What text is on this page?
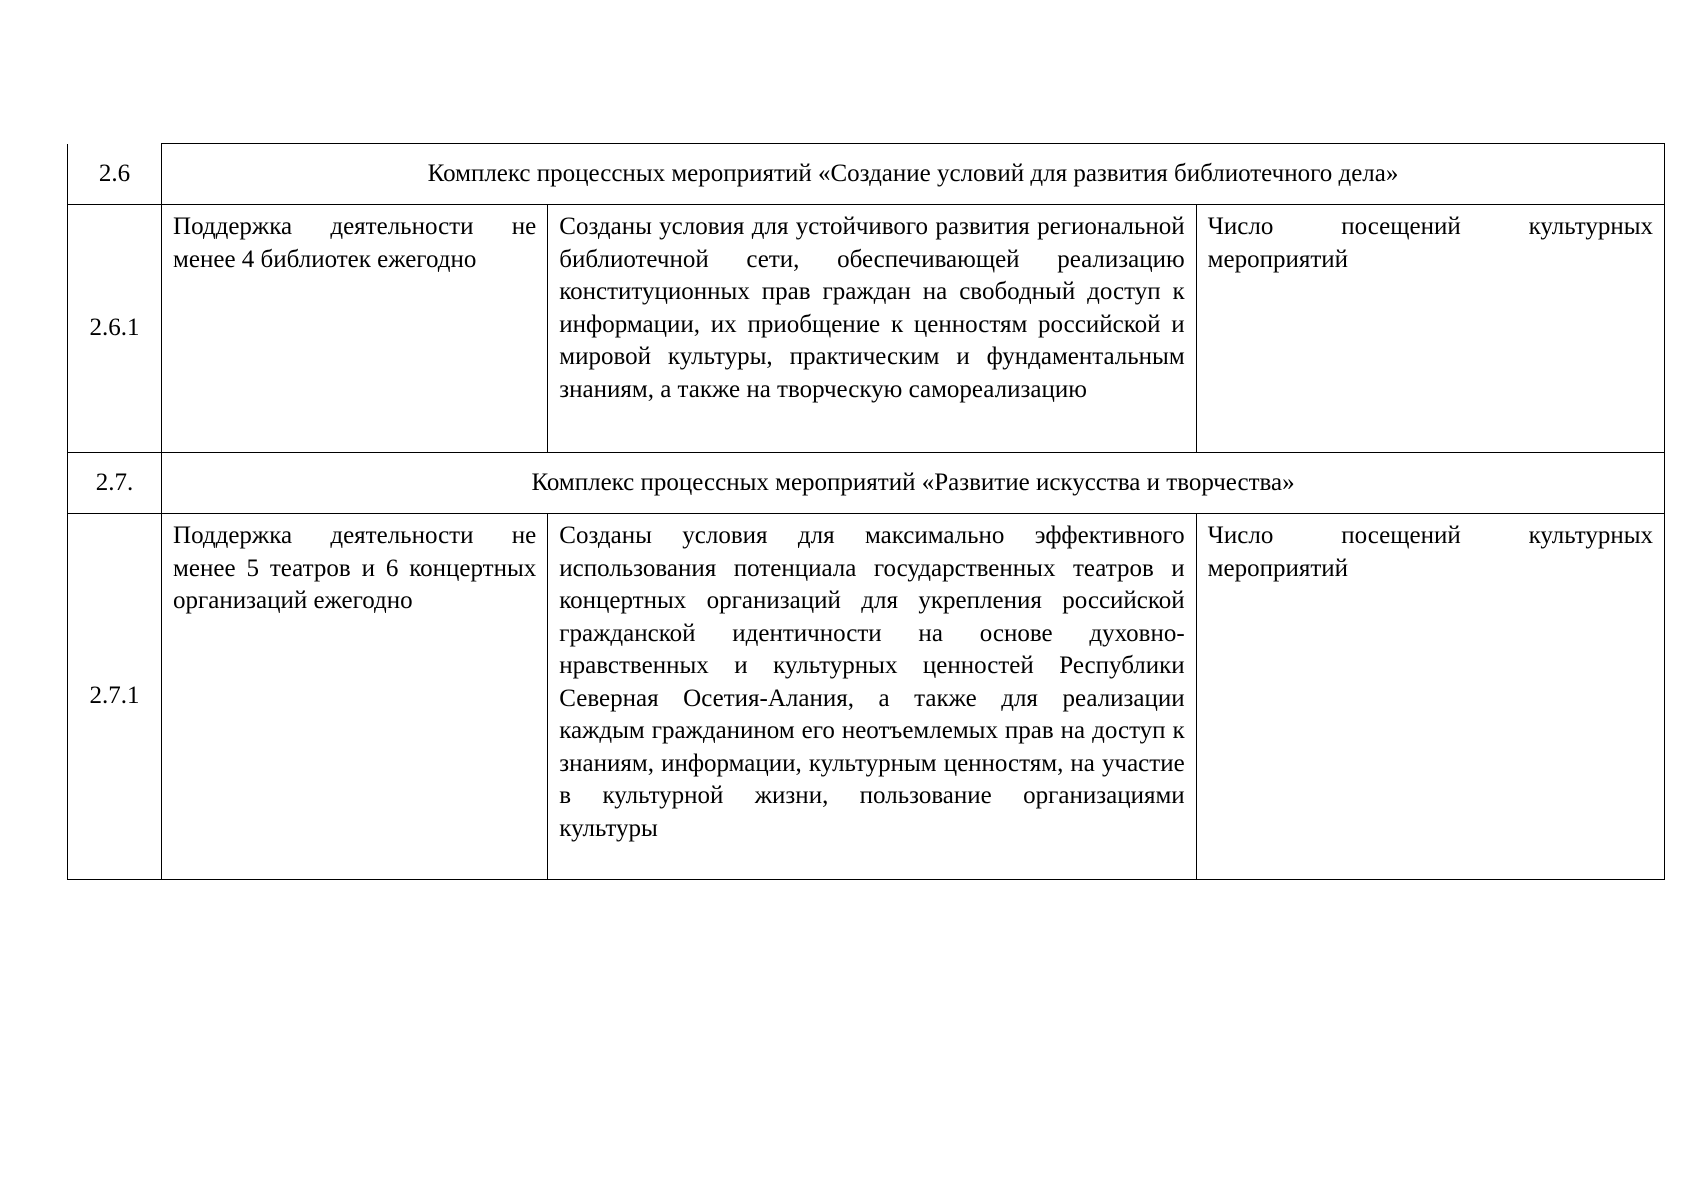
2.6	Комплекс процессных мероприятий «Создание условий для развития библиотечного дела»		
2.6.1	Поддержка деятельности не менее 4 библиотек ежегодно	Созданы условия для устойчивого развития региональной библиотечной сети, обеспечивающей реализацию конституционных прав граждан на свободный доступ к информации, их приобщение к ценностям российской и мировой культуры, практическим и фундаментальным знаниям, а также на творческую самореализацию	Число посещений культурных мероприятий
2.7.	Комплекс процессных мероприятий «Развитие искусства и творчества»		
2.7.1	Поддержка деятельности не менее 5 театров и 6 концертных организаций ежегодно	Созданы условия для максимально эффективного использования потенциала государственных театров и концертных организаций для укрепления российской гражданской идентичности на основе духовно-нравственных и культурных ценностей Республики Северная Осетия-Алания, а также для реализации каждым гражданином его неотъемлемых прав на доступ к знаниям, информации, культурным ценностям, на участие в культурной жизни, пользование организациями культуры	Число посещений культурных мероприятий
